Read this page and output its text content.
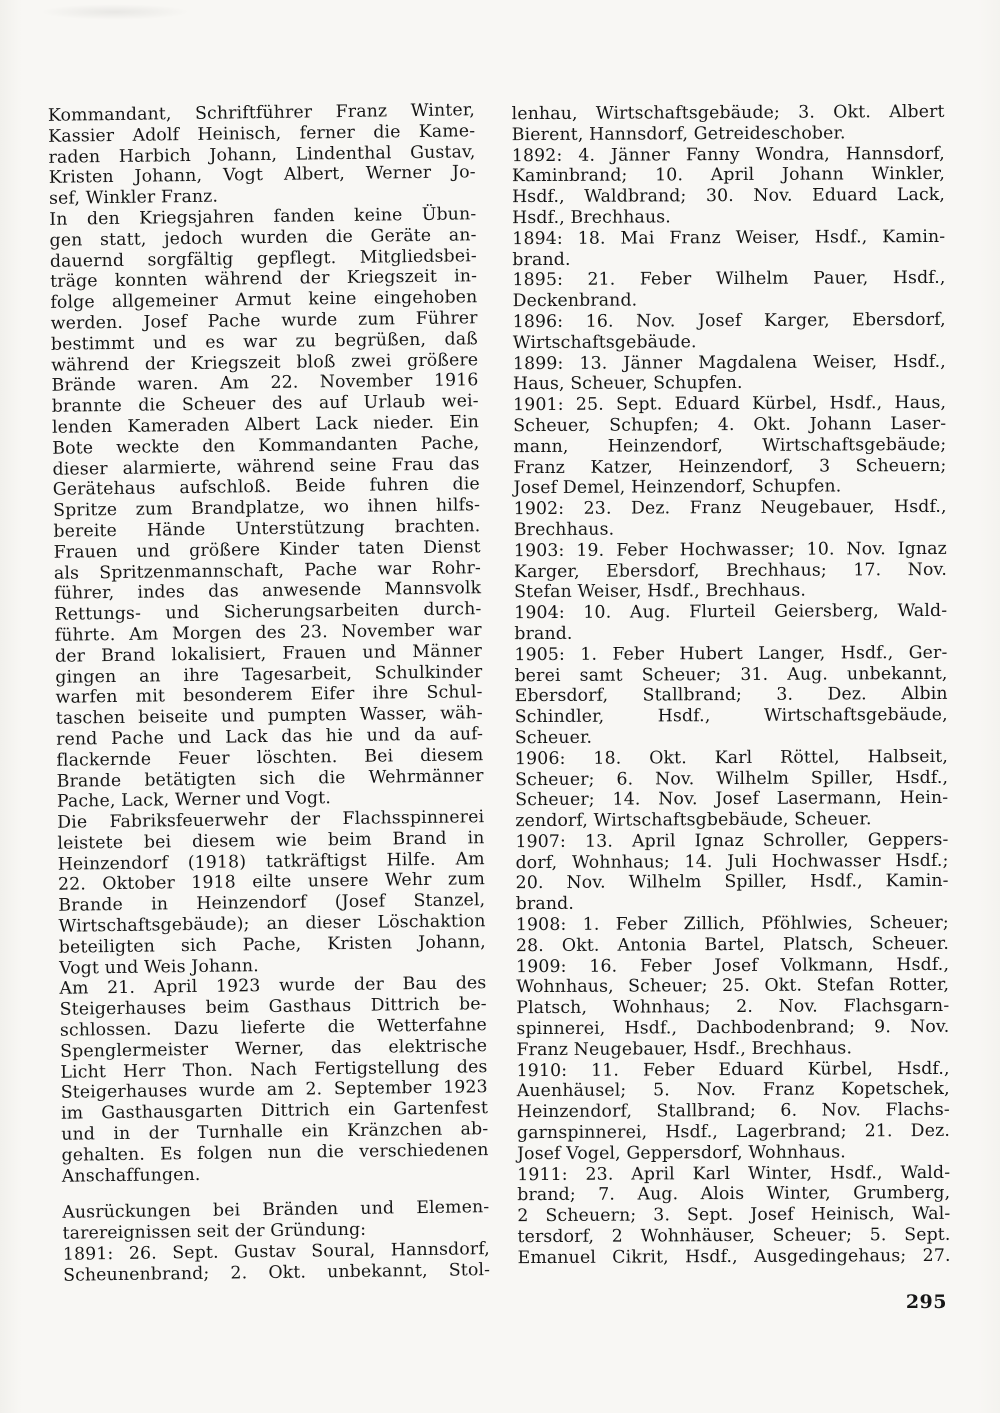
Kommandant, Schriftführer Franz Winter,
Kassier Adolf Heinisch, ferner die Kame-
raden Harbich Johann, Lindenthal Gustav,
Kristen Johann, Vogt Albert, Werner Jo-
sef, Winkler Franz.
In den Kriegsjahren fanden keine Übun-
gen statt, jedoch wurden die Geräte an-
dauernd sorgfältig gepflegt. Mitgliedsbei-
träge konnten während der Kriegszeit in-
folge allgemeiner Armut keine eingehoben
werden. Josef Pache wurde zum Führer
bestimmt und es war zu begrüßen, daß
während der Kriegszeit bloß zwei größere
Brände waren. Am 22. November 1916
brannte die Scheuer des auf Urlaub wei-
lenden Kameraden Albert Lack nieder. Ein
Bote weckte den Kommandanten Pache,
dieser alarmierte, während seine Frau das
Gerätehaus aufschloß. Beide fuhren die
Spritze zum Brandplatze, wo ihnen hilfs-
bereite Hände Unterstützung brachten.
Frauen und größere Kinder taten Dienst
als Spritzenmannschaft, Pache war Rohr-
führer, indes das anwesende Mannsvolk
Rettungs- und Sicherungsarbeiten durch-
führte. Am Morgen des 23. November war
der Brand lokalisiert, Frauen und Männer
gingen an ihre Tagesarbeit, Schulkinder
warfen mit besonderem Eifer ihre Schul-
taschen beiseite und pumpten Wasser, wäh-
rend Pache und Lack das hie und da auf-
flackernde Feuer löschten. Bei diesem
Brande betätigten sich die Wehrmänner
Pache, Lack, Werner und Vogt.
Die Fabriksfeuerwehr der Flachsspinnerei
leistete bei diesem wie beim Brand in
Heinzendorf (1918) tatkräftigst Hilfe. Am
22. Oktober 1918 eilte unsere Wehr zum
Brande in Heinzendorf (Josef Stanzel,
Wirtschaftsgebäude); an dieser Löschaktion
beteiligten sich Pache, Kristen Johann,
Vogt und Weis Johann.
Am 21. April 1923 wurde der Bau des
Steigerhauses beim Gasthaus Dittrich be-
schlossen. Dazu lieferte die Wetterfahne
Spenglermeister Werner, das elektrische
Licht Herr Thon. Nach Fertigstellung des
Steigerhauses wurde am 2. September 1923
im Gasthausgarten Dittrich ein Gartenfest
und in der Turnhalle ein Kränzchen ab-
gehalten. Es folgen nun die verschiedenen
Anschaffungen.
Ausrückungen bei Bränden und Elemen-
tarereignissen seit der Gründung:
1891: 26. Sept. Gustav Soural, Hannsdorf,
Scheunenbrand; 2. Okt. unbekannt, Stol-
lenhau, Wirtschaftsgebäude; 3. Okt. Albert
Bierent, Hannsdorf, Getreideschober.
1892: 4. Jänner Fanny Wondra, Hannsdorf,
Kaminbrand; 10. April Johann Winkler,
Hsdf., Waldbrand; 30. Nov. Eduard Lack,
Hsdf., Brechhaus.
1894: 18. Mai Franz Weiser, Hsdf., Kamin-
brand.
1895: 21. Feber Wilhelm Pauer, Hsdf.,
Deckenbrand.
1896: 16. Nov. Josef Karger, Ebersdorf,
Wirtschaftsgebäude.
1899: 13. Jänner Magdalena Weiser, Hsdf.,
Haus, Scheuer, Schupfen.
1901: 25. Sept. Eduard Kürbel, Hsdf., Haus,
Scheuer, Schupfen; 4. Okt. Johann Laser-
mann, Heinzendorf, Wirtschaftsgebäude;
Franz Katzer, Heinzendorf, 3 Scheuern;
Josef Demel, Heinzendorf, Schupfen.
1902: 23. Dez. Franz Neugebauer, Hsdf.,
Brechhaus.
1903: 19. Feber Hochwasser; 10. Nov. Ignaz
Karger, Ebersdorf, Brechhaus; 17. Nov.
Stefan Weiser, Hsdf., Brechhaus.
1904: 10. Aug. Flurteil Geiersberg, Wald-
brand.
1905: 1. Feber Hubert Langer, Hsdf., Ger-
berei samt Scheuer; 31. Aug. unbekannt,
Ebersdorf, Stallbrand; 3. Dez. Albin
Schindler, Hsdf., Wirtschaftsgebäude,
Scheuer.
1906: 18. Okt. Karl Röttel, Halbseit,
Scheuer; 6. Nov. Wilhelm Spiller, Hsdf.,
Scheuer; 14. Nov. Josef Lasermann, Hein-
zendorf, Wirtschaftsgbebäude, Scheuer.
1907: 13. April Ignaz Schroller, Geppers-
dorf, Wohnhaus; 14. Juli Hochwasser Hsdf.;
20. Nov. Wilhelm Spiller, Hsdf., Kamin-
brand.
1908: 1. Feber Zillich, Pföhlwies, Scheuer;
28. Okt. Antonia Bartel, Platsch, Scheuer.
1909: 16. Feber Josef Volkmann, Hsdf.,
Wohnhaus, Scheuer; 25. Okt. Stefan Rotter,
Platsch, Wohnhaus; 2. Nov. Flachsgarn-
spinnerei, Hsdf., Dachbodenbrand; 9. Nov.
Franz Neugebauer, Hsdf., Brechhaus.
1910: 11. Feber Eduard Kürbel, Hsdf.,
Auenhäusel; 5. Nov. Franz Kopetschek,
Heinzendorf, Stallbrand; 6. Nov. Flachs-
garnspinnerei, Hsdf., Lagerbrand; 21. Dez.
Josef Vogel, Geppersdorf, Wohnhaus.
1911: 23. April Karl Winter, Hsdf., Wald-
brand; 7. Aug. Alois Winter, Grumberg,
2 Scheuern; 3. Sept. Josef Heinisch, Wal-
tersdorf, 2 Wohnhäuser, Scheuer; 5. Sept.
Emanuel Cikrit, Hsdf., Ausgedingehaus; 27.
295
